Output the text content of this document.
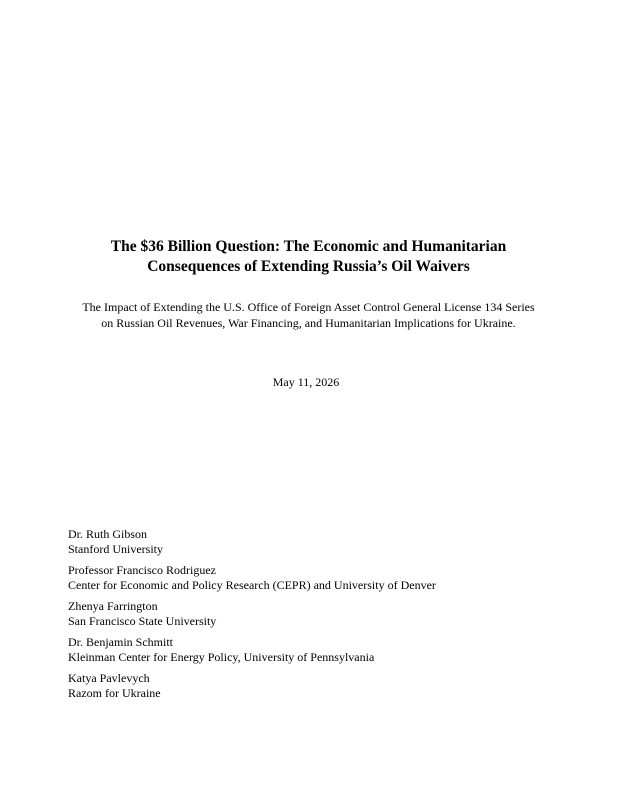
The $36 Billion Question: The Economic and Humanitarian
Consequences of Extending Russia’s Oil Waivers
The Impact of Extending the U.S. Office of Foreign Asset Control General License 134 Series
on Russian Oil Revenues, War Financing, and Humanitarian Implications for Ukraine.
May 11, 2026
Dr. Ruth Gibson
Stanford University
Professor Francisco Rodriguez
Center for Economic and Policy Research (CEPR) and University of Denver
Zhenya Farrington
San Francisco State University
Dr. Benjamin Schmitt
Kleinman Center for Energy Policy, University of Pennsylvania
Katya Pavlevych
Razom for Ukraine
